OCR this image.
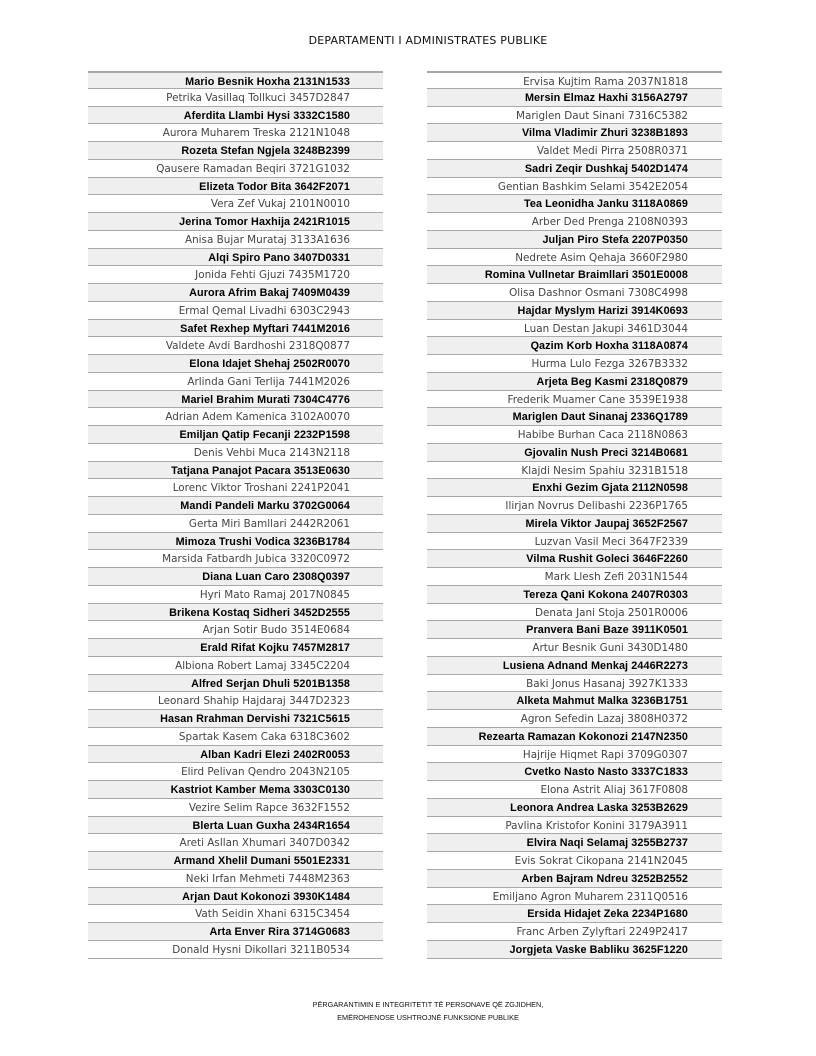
DEPARTAMENTI I ADMINISTRATES PUBLIKE
Mario Besnik Hoxha 2131N1533
Petrika Vasillaq Tollkuci 3457D2847
Aferdita Llambi Hysi 3332C1580
Aurora Muharem Treska 2121N1048
Rozeta Stefan Ngjela 3248B2399
Qausere Ramadan Beqiri 3721G1032
Elizeta Todor Bita 3642F2071
Vera Zef Vukaj 2101N0010
Jerina Tomor Haxhija 2421R1015
Anisa Bujar Murataj 3133A1636
Alqi Spiro Pano 3407D0331
Jonida Fehti Gjuzi 7435M1720
Aurora Afrim Bakaj 7409M0439
Ermal Qemal Livadhi 6303C2943
Safet Rexhep Myftari 7441M2016
Valdete Avdi Bardhoshi 2318Q0877
Elona Idajet Shehaj 2502R0070
Arlinda Gani Terlija 7441M2026
Mariel Brahim Murati 7304C4776
Adrian Adem Kamenica 3102A0070
Emiljan Qatip Fecanji 2232P1598
Denis Vehbi Muca 2143N2118
Tatjana Panajot Pacara 3513E0630
Lorenc Viktor Troshani 2241P2041
Mandi Pandeli Marku 3702G0064
Gerta Miri Bamllari 2442R2061
Mimoza Trushi Vodica 3236B1784
Marsida Fatbardh Jubica 3320C0972
Diana Luan Caro 2308Q0397
Hyri Mato Ramaj 2017N0845
Brikena Kostaq Sidheri 3452D2555
Arjan Sotir Budo 3514E0684
Erald Rifat Kojku 7457M2817
Albiona Robert Lamaj 3345C2204
Alfred Serjan Dhuli 5201B1358
Leonard Shahip Hajdaraj 3447D2323
Hasan Rrahman Dervishi 7321C5615
Spartak Kasem Caka 6318C3602
Alban Kadri Elezi 2402R0053
Elird Pelivan Qendro 2043N2105
Kastriot Kamber Mema 3303C0130
Vezire Selim Rapce 3632F1552
Blerta Luan Guxha 2434R1654
Areti Asllan Xhumari 3407D0342
Armand Xhelil Dumani 5501E2331
Neki Irfan Mehmeti 7448M2363
Arjan Daut Kokonozi 3930K1484
Vath Seidin Xhani 6315C3454
Arta Enver Rira 3714G0683
Donald Hysni Dikollari 3211B0534
Ervisa Kujtim Rama 2037N1818
Mersin Elmaz Haxhi 3156A2797
Mariglen Daut Sinani 7316C5382
Vilma Vladimir Zhuri 3238B1893
Valdet Medi Pirra 2508R0371
Sadri Zeqir Dushkaj 5402D1474
Gentian Bashkim Selami 3542E2054
Tea Leonidha Janku 3118A0869
Arber Ded Prenga 2108N0393
Juljan Piro Stefa 2207P0350
Nedrete Asim Qehaja 3660F2980
Romina Vullnetar Braimllari 3501E0008
Olisa Dashnor Osmani 7308C4998
Hajdar Myslym Harizi 3914K0693
Luan Destan Jakupi 3461D3044
Qazim Korb Hoxha 3118A0874
Hurma Lulo Fezga 3267B3332
Arjeta Beg Kasmi 2318Q0879
Frederik Muamer Cane 3539E1938
Mariglen Daut Sinanaj 2336Q1789
Habibe Burhan Caca 2118N0863
Gjovalin Nush Preci 3214B0681
Klajdi Nesim Spahiu 3231B1518
Enxhi Gezim Gjata 2112N0598
Ilirjan Novrus Delibashi 2236P1765
Mirela Viktor Jaupaj 3652F2567
Luzvan Vasil Meci 3647F2339
Vilma Rushit Goleci 3646F2260
Mark Llesh Zefi 2031N1544
Tereza Qani Kokona 2407R0303
Denata Jani Stoja 2501R0006
Pranvera Bani Baze 3911K0501
Artur Besnik Guni 3430D1480
Lusiena Adnand Menkaj 2446R2273
Baki Jonus Hasanaj 3927K1333
Alketa Mahmut Malka 3236B1751
Agron Sefedin Lazaj 3808H0372
Rezearta Ramazan Kokonozi 2147N2350
Hajrije Hiqmet Rapi 3709G0307
Cvetko Nasto Nasto 3337C1833
Elona Astrit Aliaj 3617F0808
Leonora Andrea Laska 3253B2629
Pavlina Kristofor Konini 3179A3911
Elvira Naqi Selamaj 3255B2737
Evis Sokrat Cikopana 2141N2045
Arben Bajram Ndreu 3252B2552
Emiljano Agron Muharem 2311Q0516
Ersida Hidajet Zeka 2234P1680
Franc Arben Zylyftari 2249P2417
Jorgjeta Vaske Babliku 3625F1220
PËRGARANTIMIN E INTEGRITETIT TË PERSONAVE QË ZGJIDHEN,
EMËROHENOSE USHTROJNË FUNKSIONE PUBLIKE
